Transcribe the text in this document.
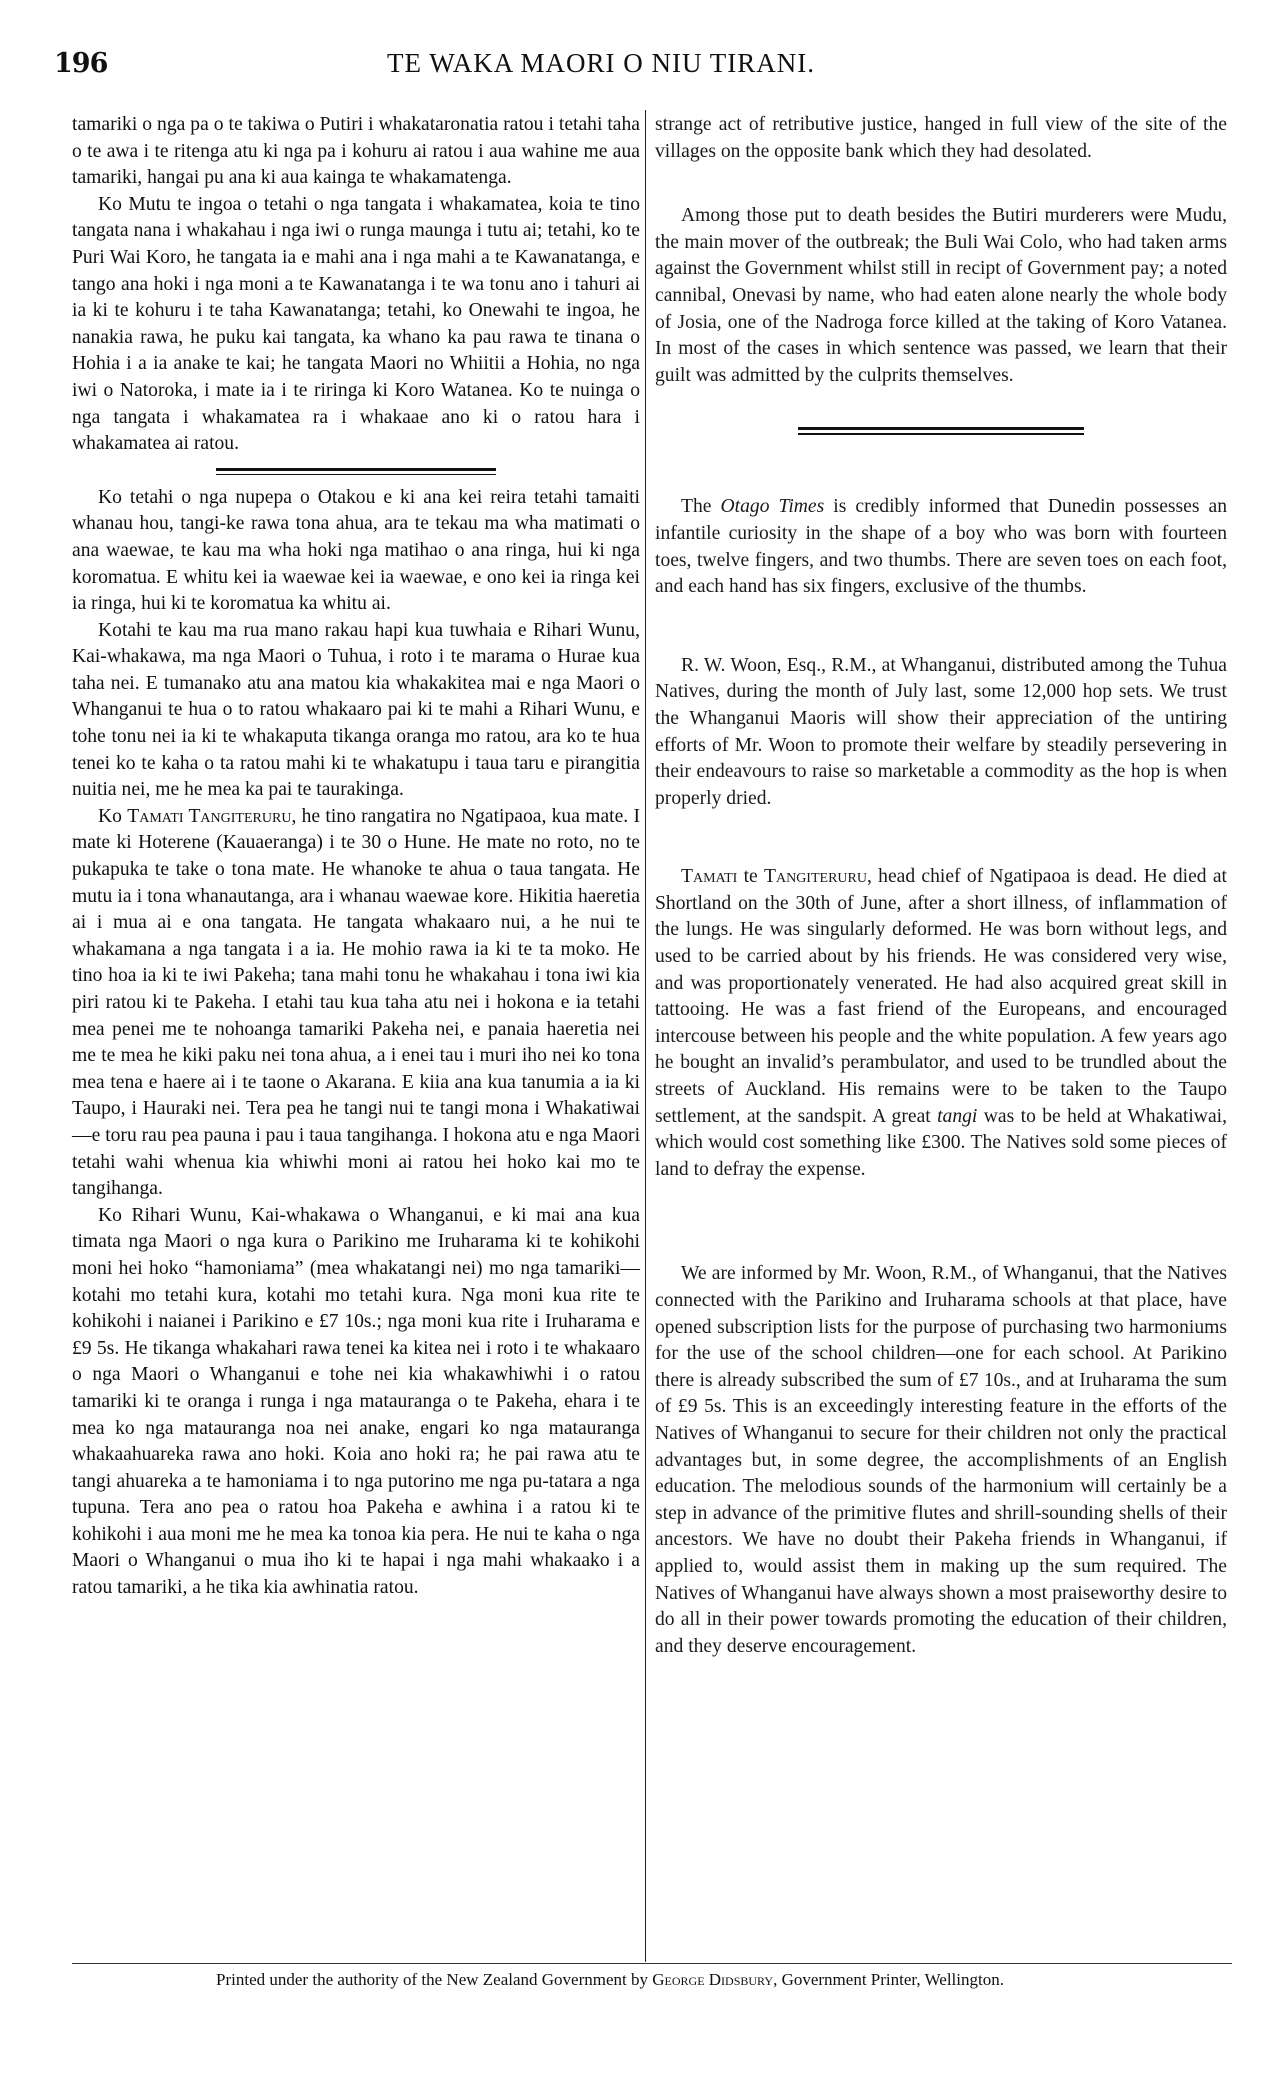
196	TE WAKA MAORI O NIU TIRANI.

tamariki o nga pa o te takiwa o Putiri i whakataronatia ratou i tetahi taha o te awa i te ritenga atu ki nga pa i kohuru ai ratou i aua wahine me aua tamariki, hangai pu ana ki aua kainga te whakamatenga.

Ko Mutu te ingoa o tetahi o nga tangata i whakamatea, koia te tino tangata nana i whakahau i nga iwi o runga maunga i tutu ai; tetahi, ko te Puri Wai Koro, he tangata ia e mahi ana i nga mahi a te Kawanatanga, e tango ana hoki i nga moni a te Kawanatanga i te wa tonu ano i tahuri ai ia ki te kohuru i te taha Kawanatanga; tetahi, ko Onewahi te ingoa, he nanakia rawa, he puku kai tangata, ka whano ka pau rawa te tinana o Hohia i a ia anake te kai; he tangata Maori no Whiitii a Hohia, no nga iwi o Natoroka, i mate ia i te riringa ki Koro Watanea. Ko te nuinga o nga tangata i whakamatea ra i whakaae ano ki o ratou hara i whakamatea ai ratou.

Ko tetahi o nga nupepa o Otakou e ki ana kei reira tetahi tamaiti whanau hou, tangi-ke rawa tona ahua, ara te tekau ma wha matimati o ana waewae, te kau ma wha hoki nga matihao o ana ringa, hui ki nga koromatua. E whitu kei ia waewae kei ia waewae, e ono kei ia ringa kei ia ringa, hui ki te koromatua ka whitu ai.

Kotahi te kau ma rua mano rakau hapi kua tuwhaia e Rihari Wunu, Kai-whakawa, ma nga Maori o Tuhua, i roto i te marama o Hurae kua taha nei. E tumanako atu ana matou kia whakakitea mai e nga Maori o Whanganui te hua o to ratou whakaaro pai ki te mahi a Rihari Wunu, e tohe tonu nei ia ki te whakaputa tikanga oranga mo ratou, ara ko te hua tenei ko te kaha o ta ratou mahi ki te whakatupu i taua taru e pirangitia nuitia nei, me he mea ka pai te taurakinga.

Ko Tamati Tangiteruru, he tino rangatira no Ngatipaoa, kua mate. I mate ki Hoterene (Kauaeranga) i te 30 o Hune. He mate no roto, no te pukapuka te take o tona mate. He whanoke te ahua o taua tangata. He mutu ia i tona whanautanga, ara i whanau waewae kore. Hikitia haeretia ai i mua ai e ona tangata. He tangata whakaaro nui, a he nui te whakamana a nga tangata i a ia. He mohio rawa ia ki te ta moko. He tino hoa ia ki te iwi Pakeha; tana mahi tonu he whakahau i tona iwi kia piri ratou ki te Pakeha. I etahi tau kua taha atu nei i hokona e ia tetahi mea penei me te nohoanga tamariki Pakeha nei, e panaia haeretia nei me te mea he kiki paku nei tona ahua, a i enei tau i muri iho nei ko tona mea tena e haere ai i te taone o Akarana. E kiia ana kua tanumia a ia ki Taupo, i Hauraki nei. Tera pea he tangi nui te tangi mona i Whakatiwai—e toru rau pea pauna i pau i taua tangihanga. I hokona atu e nga Maori tetahi wahi whenua kia whiwhi moni ai ratou hei hoko kai mo te tangihanga.

Ko Rihari Wunu, Kai-whakawa o Whanganui, e ki mai ana kua timata nga Maori o nga kura o Parikino me Iruharama ki te kohikohi moni hei hoko “hamoniama” (mea whakatangi nei) mo nga tamariki—kotahi mo tetahi kura, kotahi mo tetahi kura. Nga moni kua rite te kohikohi i naianei i Parikino e £7 10s.; nga moni kua rite i Iruharama e £9 5s. He tikanga whakahari rawa tenei ka kitea nei i roto i te whakaaro o nga Maori o Whanganui e tohe nei kia whakawhiwhi i o ratou tamariki ki te oranga i runga i nga matauranga o te Pakeha, ehara i te mea ko nga matauranga noa nei anake, engari ko nga matauranga whakaahuareka rawa ano hoki. Koia ano hoki ra; he pai rawa atu te tangi ahuareka a te hamoniama i to nga putorino me nga pu-tatara a nga tupuna. Tera ano pea o ratou hoa Pakeha e awhina i a ratou ki te kohikohi i aua moni me he mea ka tonoa kia pera. He nui te kaha o nga Maori o Whanganui o mua iho ki te hapai i nga mahi whakaako i a ratou tamariki, a he tika kia awhinatia ratou.

strange act of retributive justice, hanged in full view of the site of the villages on the opposite bank which they had desolated.

Among those put to death besides the Butiri murderers were Mudu, the main mover of the outbreak; the Buli Wai Colo, who had taken arms against the Government whilst still in recipt of Government pay; a noted cannibal, Onevasi by name, who had eaten alone nearly the whole body of Josia, one of the Nadroga force killed at the taking of Koro Vatanea. In most of the cases in which sentence was passed, we learn that their guilt was admitted by the culprits themselves.

The Otago Times is credibly informed that Dunedin possesses an infantile curiosity in the shape of a boy who was born with fourteen toes, twelve fingers, and two thumbs. There are seven toes on each foot, and each hand has six fingers, exclusive of the thumbs.

R. W. Woon, Esq., R.M., at Whanganui, distributed among the Tuhua Natives, during the month of July last, some 12,000 hop sets. We trust the Whanganui Maoris will show their appreciation of the untiring efforts of Mr. Woon to promote their welfare by steadily persevering in their endeavours to raise so marketable a commodity as the hop is when properly dried.

Tamati te Tangiteruru, head chief of Ngatipaoa is dead. He died at Shortland on the 30th of June, after a short illness, of inflammation of the lungs. He was singularly deformed. He was born without legs, and used to be carried about by his friends. He was considered very wise, and was proportionately venerated. He had also acquired great skill in tattooing. He was a fast friend of the Europeans, and encouraged intercouse between his people and the white population. A few years ago he bought an invalid’s perambulator, and used to be trundled about the streets of Auckland. His remains were to be taken to the Taupo settlement, at the sandspit. A great tangi was to be held at Whakatiwai, which would cost something like £300. The Natives sold some pieces of land to defray the expense.

We are informed by Mr. Woon, R.M., of Whanganui, that the Natives connected with the Parikino and Iruharama schools at that place, have opened subscription lists for the purpose of purchasing two harmoniums for the use of the school children—one for each school. At Parikino there is already subscribed the sum of £7 10s., and at Iruharama the sum of £9 5s. This is an exceedingly interesting feature in the efforts of the Natives of Whanganui to secure for their children not only the practical advantages but, in some degree, the accomplishments of an English education. The melodious sounds of the harmonium will certainly be a step in advance of the primitive flutes and shrill-sounding shells of their ancestors. We have no doubt their Pakeha friends in Whanganui, if applied to, would assist them in making up the sum required. The Natives of Whanganui have always shown a most praiseworthy desire to do all in their power towards promoting the education of their children, and they deserve encouragement.

Printed under the authority of the New Zealand Government by George Didsbury, Government Printer, Wellington.
